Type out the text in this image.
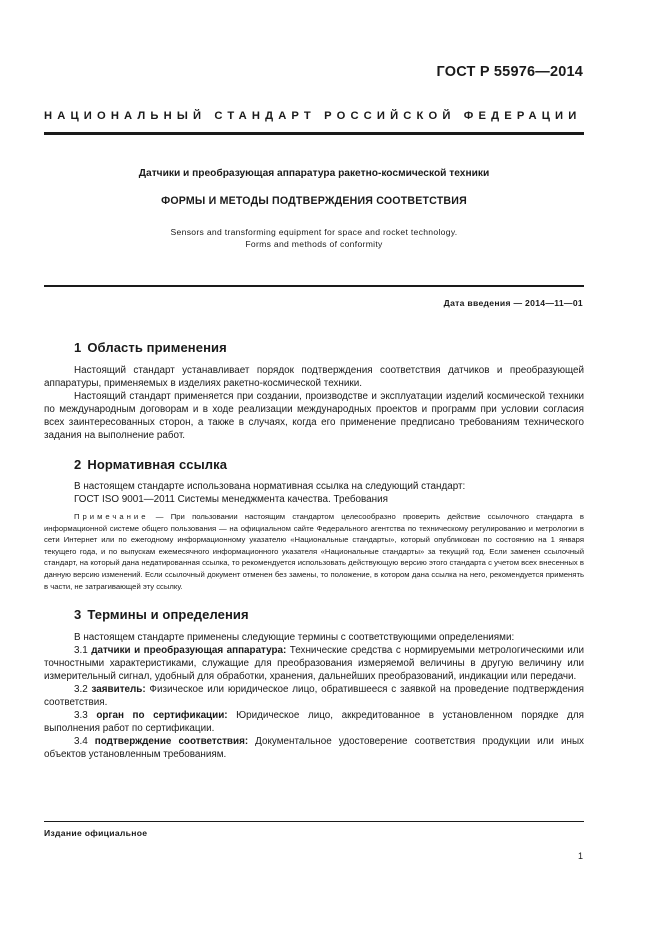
ГОСТ Р 55976—2014
НАЦИОНАЛЬНЫЙ СТАНДАРТ РОССИЙСКОЙ ФЕДЕРАЦИИ
Датчики и преобразующая аппаратура ракетно-космической техники
ФОРМЫ И МЕТОДЫ ПОДТВЕРЖДЕНИЯ СООТВЕТСТВИЯ
Sensors and transforming equipment for space and rocket technology.
Forms and methods of conformity
Дата введения — 2014—11—01
1 Область применения

Настоящий стандарт устанавливает порядок подтверждения соответствия датчиков и преобразующей аппаратуры, применяемых в изделиях ракетно-космической техники.

Настоящий стандарт применяется при создании, производстве и эксплуатации изделий космической техники по международным договорам и в ходе реализации международных проектов и программ при условии согласия всех заинтересованных сторон, а также в случаях, когда его применение предписано требованиям технического задания на выполнение работ.

2 Нормативная ссылка

В настоящем стандарте использована нормативная ссылка на следующий стандарт:

ГОСТ ISO 9001—2011 Системы менеджмента качества. Требования

Примечание — При пользовании настоящим стандартом целесообразно проверить действие ссылочного стандарта в информационной системе общего пользования — на официальном сайте Федерального агентства по техническому регулированию и метрологии в сети Интернет или по ежегодному информационному указателю «Национальные стандарты», который опубликован по состоянию на 1 января текущего года, и по выпускам ежемесячного информационного указателя «Национальные стандарты» за текущий год. Если заменен ссылочный стандарт, на который дана недатированная ссылка, то рекомендуется использовать действующую версию этого стандарта с учетом всех внесенных в данную версию изменений. Если ссылочный документ отменен без замены, то положение, в котором дана ссылка на него, рекомендуется применять в части, не затрагивающей эту ссылку.
3 Термины и определения

В настоящем стандарте применены следующие термины с соответствующими определениями:

3.1 датчики и преобразующая аппаратура: Технические средства с нормируемыми метрологическими или точностными характеристиками, служащие для преобразования измеряемой величины в другую величину или измерительный сигнал, удобный для обработки, хранения, дальнейших преобразований, индикации или передачи.

3.2 заявитель: Физическое или юридическое лицо, обратившееся с заявкой на проведение подтверждения соответствия.

3.3 орган по сертификации: Юридическое лицо, аккредитованное в установленном порядке для выполнения работ по сертификации.

3.4 подтверждение соответствия: Документальное удостоверение соответствия продукции или иных объектов установленным требованиям.

Издание официальное
1
